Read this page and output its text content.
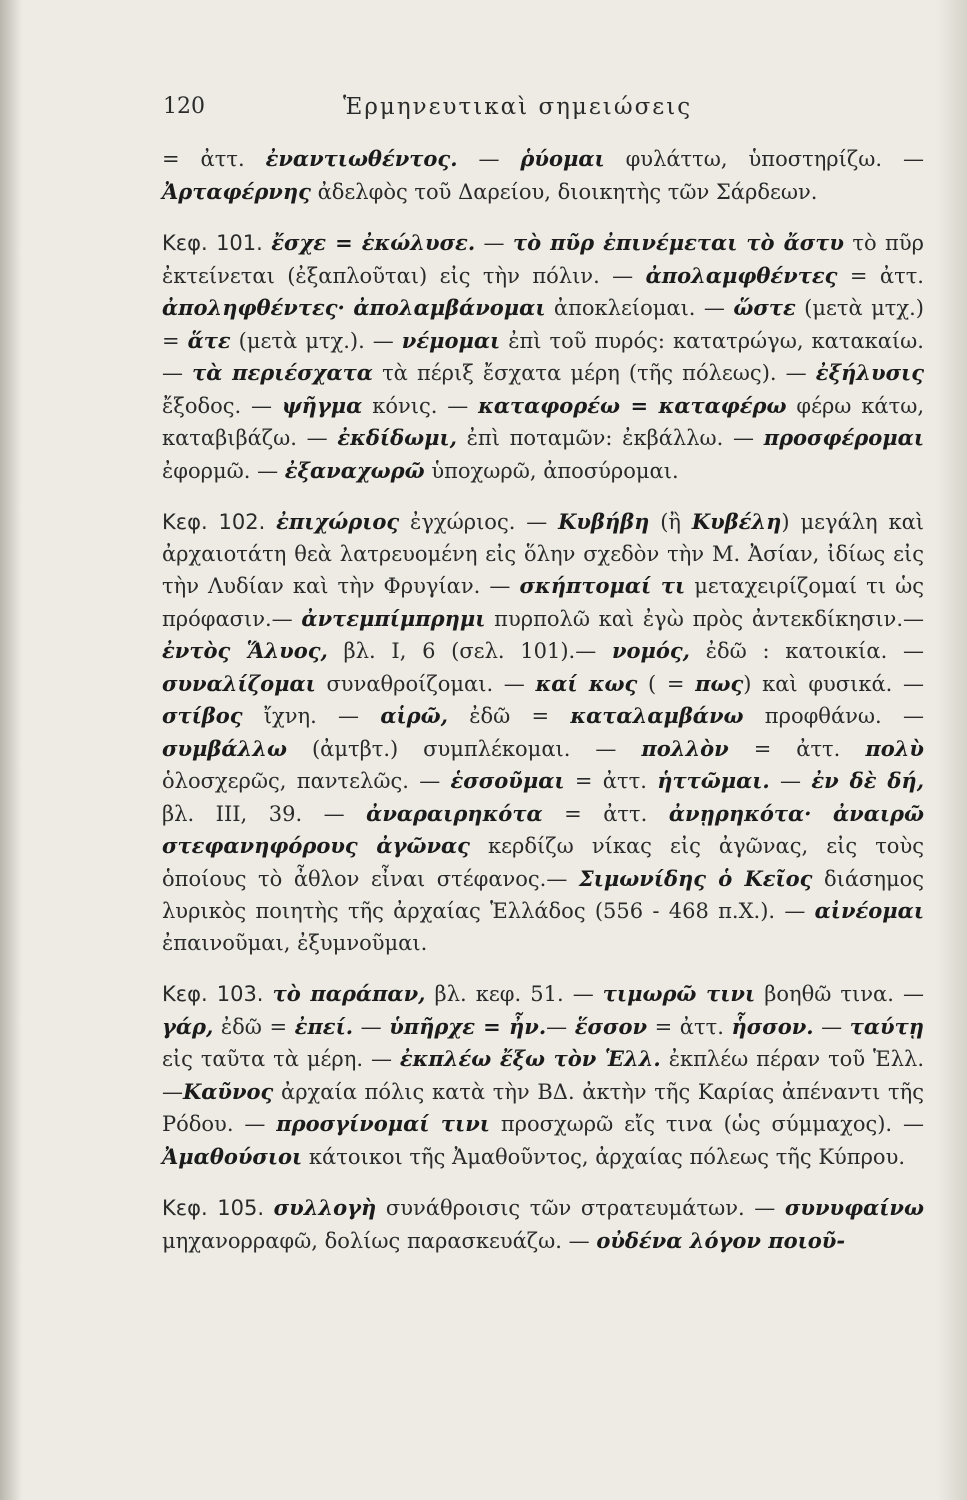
120	Ἑρμηνευτικαὶ σημειώσεις

= ἀττ. ἐναντιωθέντος. — ῥύομαι φυλάττω, ὑποστηρίζω. — Ἀρταφέρνης ἀδελφὸς τοῦ Δαρείου, διοικητὴς τῶν Σάρδεων.

Κεφ. 101. ἔσχε = ἐκώλυσε. — τὸ πῦρ ἐπινέμεται τὸ ἄστυ τὸ πῦρ ἐκτείνεται (ἐξαπλοῦται) εἰς τὴν πόλιν. — ἀπολαμφθέντες = ἀττ. ἀποληφθέντες· ἀπολαμβάνομαι ἀποκλείομαι. — ὥστε (μετὰ μτχ.) = ἅτε (μετὰ μτχ.). — νέμομαι ἐπὶ τοῦ πυρός: κατατρώγω, κατακαίω. — τὰ περιέσχατα τὰ πέριξ ἔσχατα μέρη (τῆς πόλεως). — ἐξήλυσις ἔξοδος. — ψῆγμα κόνις. — καταφορέω = καταφέρω φέρω κάτω, καταβιβάζω. — ἐκδίδωμι, ἐπὶ ποταμῶν: ἐκβάλλω. — προσφέρομαι ἐφορμῶ. — ἐξαναχωρῶ ὑποχωρῶ, ἀποσύρομαι.

Κεφ. 102. ἐπιχώριος ἐγχώριος. — Κυβήβη (ἢ Κυβέλη) μεγάλη καὶ ἀρχαιοτάτη θεὰ λατρευομένη εἰς ὅλην σχεδὸν τὴν Μ. Ἀσίαν, ἰδίως εἰς τὴν Λυδίαν καὶ τὴν Φρυγίαν. — σκήπτομαί τι μεταχειρίζομαί τι ὡς πρόφασιν.— ἀντεμπίμπρημι πυρπολῶ καὶ ἐγὼ πρὸς ἀντεκδίκησιν.— ἐντὸς Ἅλυος, βλ. I, 6 (σελ. 101).— νομός, ἐδῶ : κατοικία. —συναλίζομαι συναθροίζομαι. — καί κως ( = πως) καὶ φυσικά. — στίβος ἴχνη. — αἱρῶ, ἐδῶ = καταλαμβάνω προφθάνω. — συμβάλλω (ἀμτβτ.) συμπλέκομαι. — πολλὸν = ἀττ. πολὺ ὁλοσχερῶς, παντελῶς. — ἑσσοῦμαι = ἀττ. ἡττῶμαι. — ἐν δὲ δή, βλ. III, 39. — ἀναραιρηκότα = ἀττ. ἀνῃρηκότα· ἀναιρῶ στεφανηφόρους ἀγῶνας κερδίζω νίκας εἰς ἀγῶνας, εἰς τοὺς ὁποίους τὸ ἆθλον εἶναι στέφανος.— Σιμωνίδης ὁ Κεῖος διάσημος λυρικὸς ποιητὴς τῆς ἀρχαίας Ἑλλάδος (556 - 468 π.Χ.). — αἰνέομαι ἐπαινοῦμαι, ἐξυμνοῦμαι.

Κεφ. 103. τὸ παράπαν, βλ. κεφ. 51. — τιμωρῶ τινι βοηθῶ τινα. — γάρ, ἐδῶ = ἐπεί. — ὑπῆρχε = ἦν.— ἕσσον = ἀττ. ἧσσον. — ταύτῃ εἰς ταῦτα τὰ μέρη. — ἐκπλέω ἔξω τὸν Ἑλλ. ἐκπλέω πέραν τοῦ Ἑλλ.—Καῦνος ἀρχαία πόλις κατὰ τὴν ΒΔ. ἀκτὴν τῆς Καρίας ἀπέναντι τῆς Ρόδου. — προσγίνομαί τινι προσχωρῶ εἴς τινα (ὡς σύμμαχος). — Ἀμαθούσιοι κάτοικοι τῆς Ἀμαθοῦντος, ἀρχαίας πόλεως τῆς Κύπρου.

Κεφ. 105. συλλογὴ συνάθροισις τῶν στρατευμάτων. — συνυφαίνω μηχανορραφῶ, δολίως παρασκευάζω. — οὐδένα λόγον ποιοῦ-
